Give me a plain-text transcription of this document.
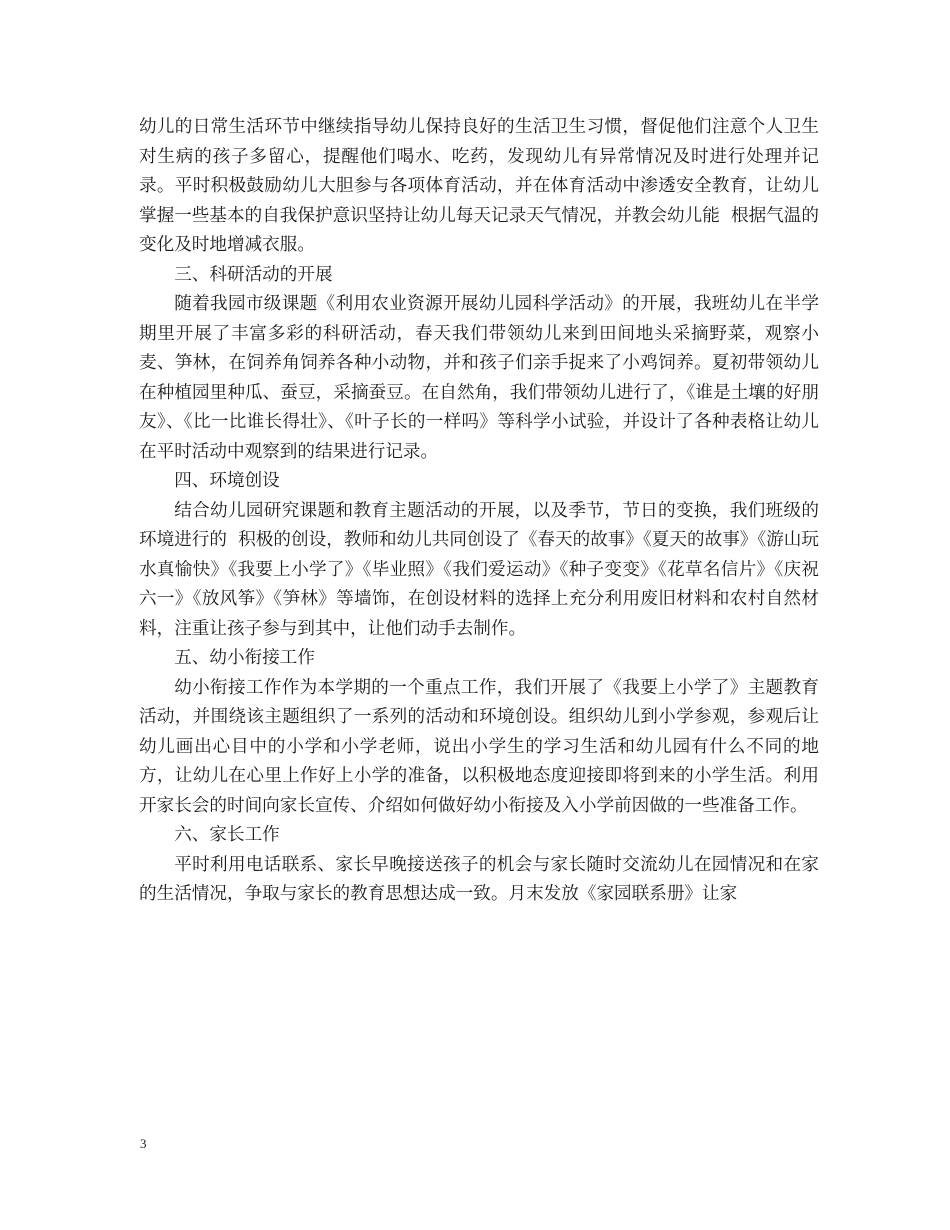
幼儿的日常生活环节中继续指导幼儿保持良好的生活卫生习惯，督促他们注意个人卫生对生病的孩子多留心，提醒他们喝水、吃药，发现幼儿有异常情况及时进行处理并记录。平时积极鼓励幼儿大胆参与各项体育活动，并在体育活动中渗透安全教育，让幼儿掌握一些基本的自我保护意识坚持让幼儿每天记录天气情况，并教会幼儿能  根据气温的变化及时地增减衣服。

三、科研活动的开展

随着我园市级课题《利用农业资源开展幼儿园科学活动》的开展，我班幼儿在半学期里开展了丰富多彩的科研活动，春天我们带领幼儿来到田间地头采摘野菜，观察小麦、笋林，在饲养角饲养各种小动物，并和孩子们亲手捉来了小鸡饲养。夏初带领幼儿在种植园里种瓜、蚕豆，采摘蚕豆。在自然角，我们带领幼儿进行了，《谁是土壤的好朋友》、《比一比谁长得壮》、《叶子长的一样吗》等科学小试验，并设计了各种表格让幼儿在平时活动中观察到的结果进行记录。

四、环境创设

结合幼儿园研究课题和教育主题活动的开展，以及季节，节日的变换，我们班级的环境进行的  积极的创设，教师和幼儿共同创设了《春天的故事》《夏天的故事》《游山玩水真愉快》《我要上小学了》《毕业照》《我们爱运动》《种子变变》《花草名信片》《庆祝六一》《放风筝》《笋林》等墙饰，在创设材料的选择上充分利用废旧材料和农村自然材料，注重让孩子参与到其中，让他们动手去制作。

五、幼小衔接工作

幼小衔接工作作为本学期的一个重点工作，我们开展了《我要上小学了》主题教育活动，并围绕该主题组织了一系列的活动和环境创设。组织幼儿到小学参观，参观后让幼儿画出心目中的小学和小学老师，说出小学生的学习生活和幼儿园有什么不同的地方，让幼儿在心里上作好上小学的准备，以积极地态度迎接即将到来的小学生活。利用开家长会的时间向家长宣传、介绍如何做好幼小衔接及入小学前因做的一些准备工作。

六、家长工作

平时利用电话联系、家长早晚接送孩子的机会与家长随时交流幼儿在园情况和在家的生活情况，争取与家长的教育思想达成一致。月末发放《家园联系册》让家

3
